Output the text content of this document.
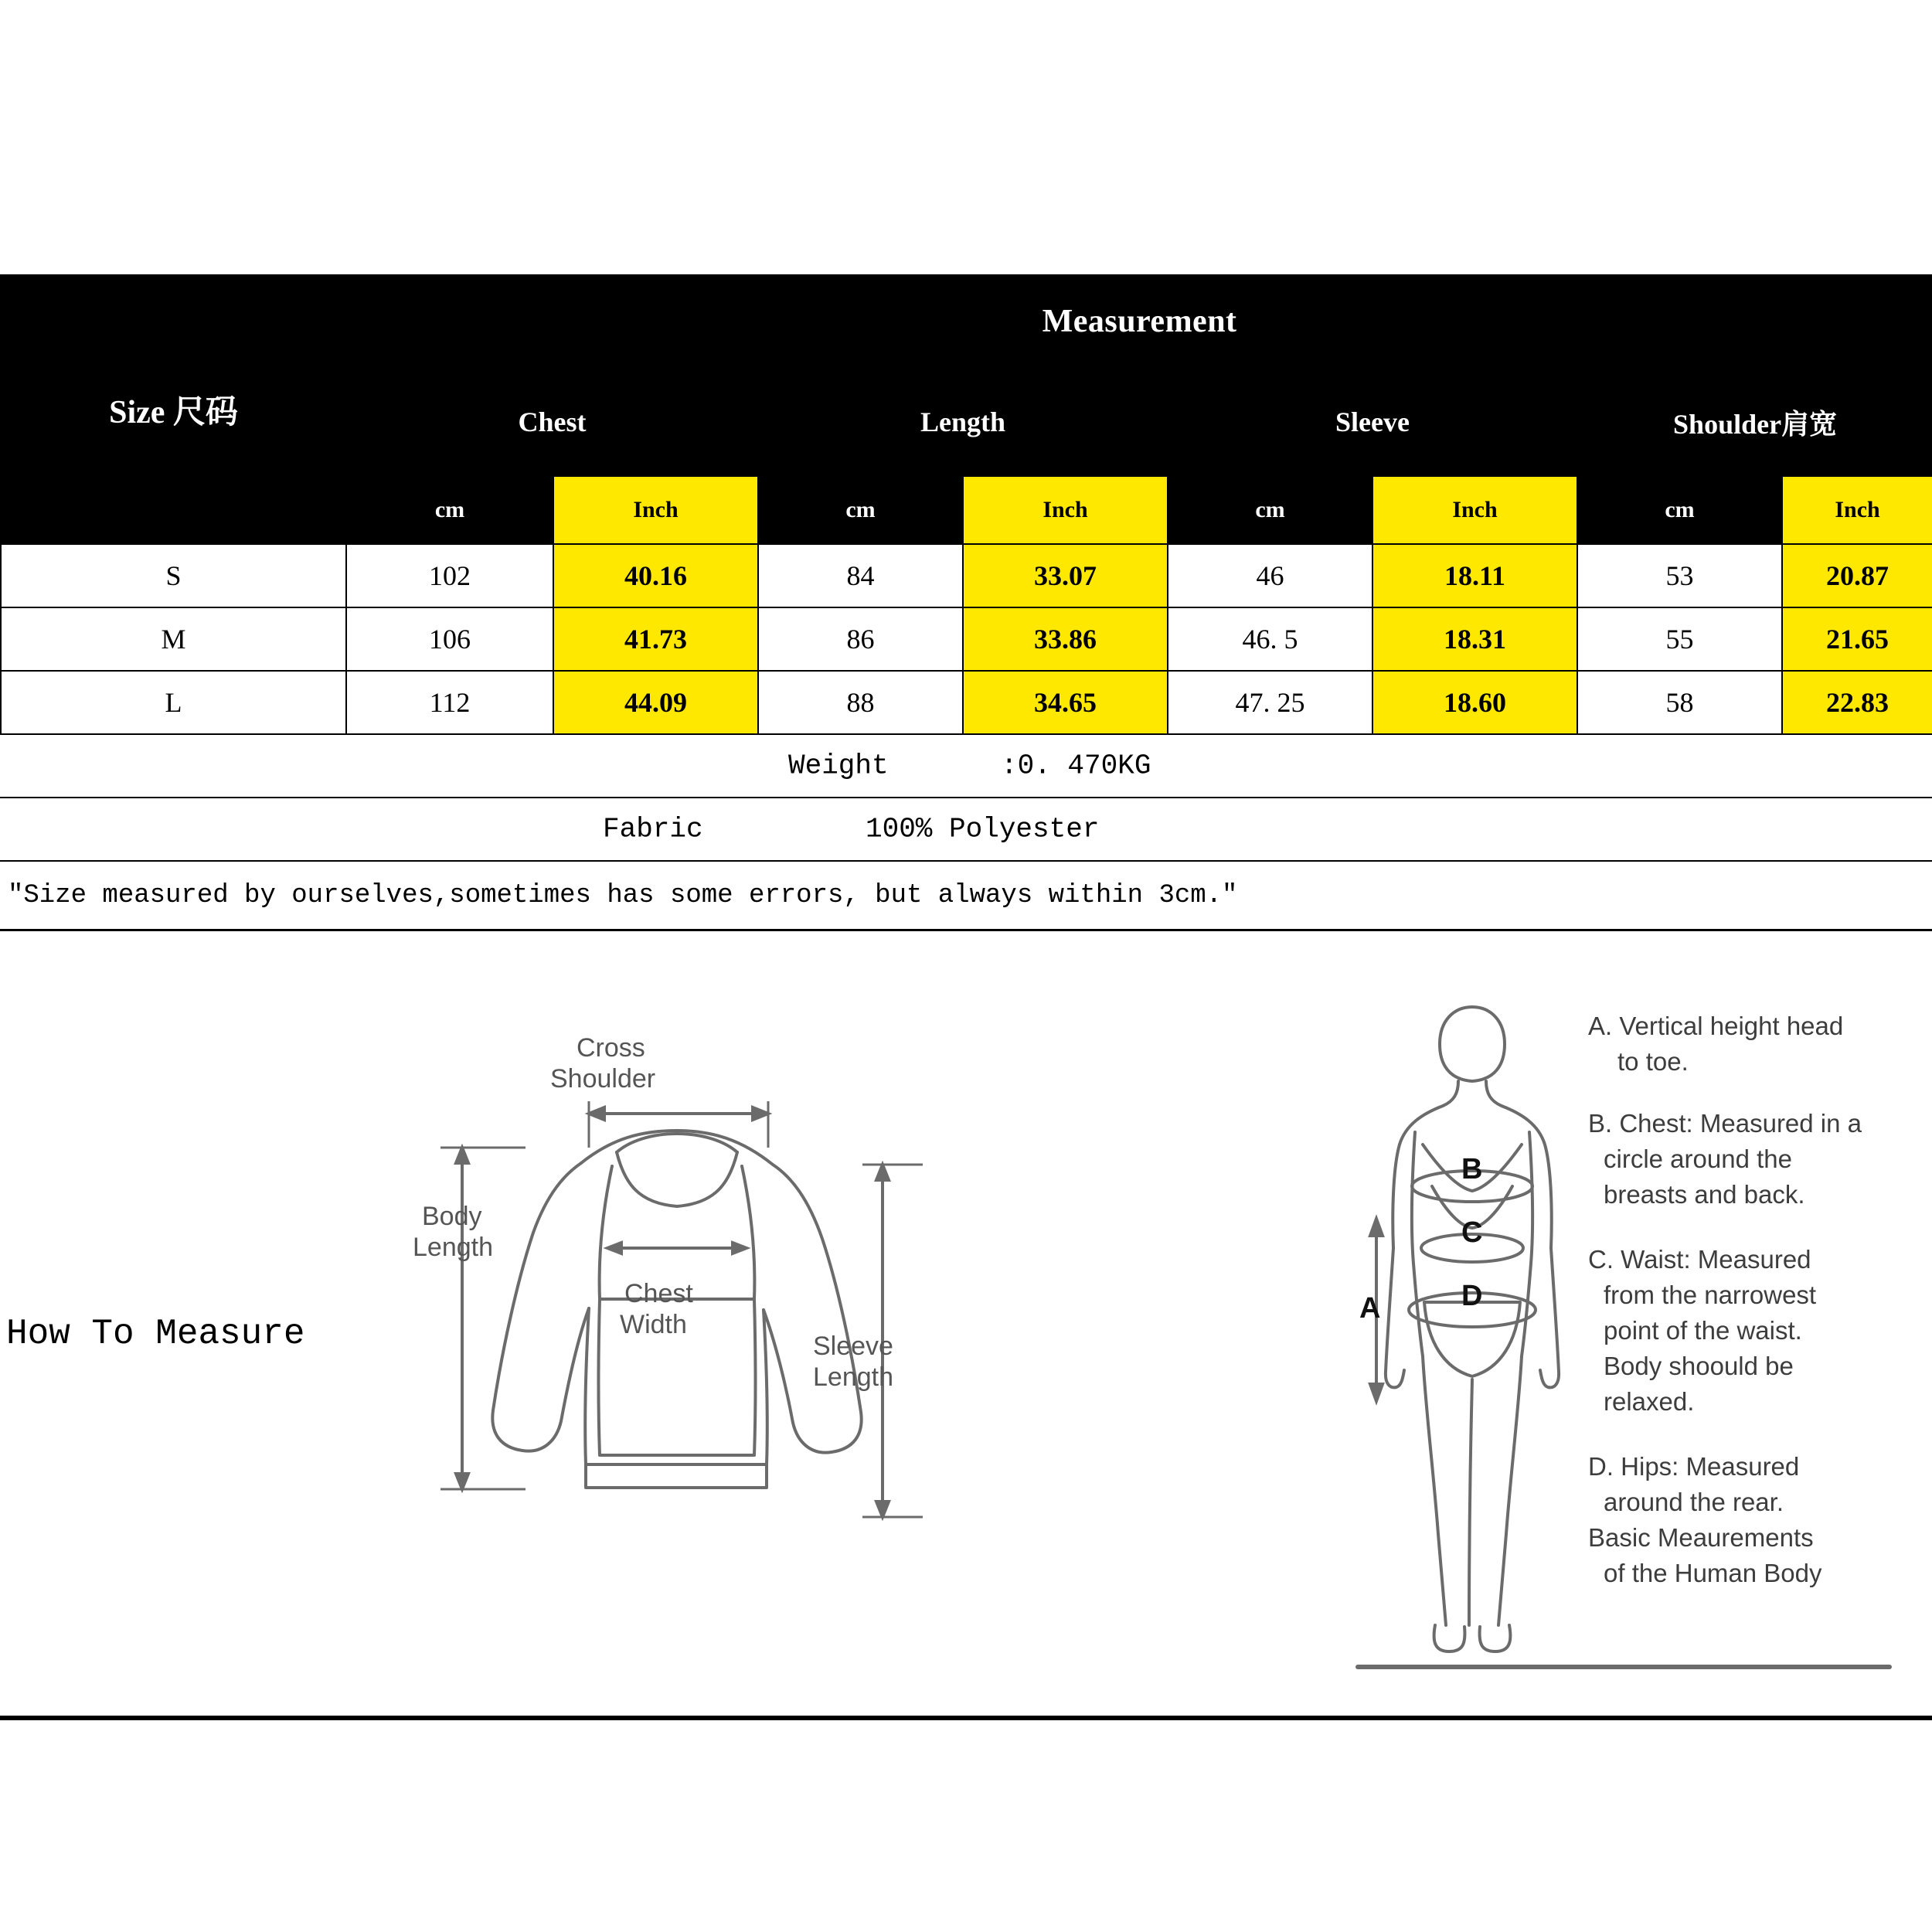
Size 尺码	Measurement							
	Chest		Length		Sleeve		Shoulder肩宽	
	cm	Inch	cm	Inch	cm	Inch	cm	Inch
S	102	40.16	84	33.07	46	18.11	53	20.87
M	106	41.73	86	33.86	46. 5	18.31	55	21.65
L	112	44.09	88	34.65	47. 25	18.60	58	22.83
Weight	:0. 470KG
Fabric	100% Polyester
"Size measured by ourselves,sometimes has some errors, but always within 3cm."
How To Measure
Cross
Shoulder
Body
Length
Chest
Width
Sleeve
Length
A
B
C
D
A. Vertical height head
to toe.
B. Chest: Measured in a
circle around the
breasts and back.
C. Waist: Measured
from the narrowest
point of the waist.
Body shoould be
relaxed.
D. Hips: Measured
around the rear.
Basic Meaurements
of the Human Body
